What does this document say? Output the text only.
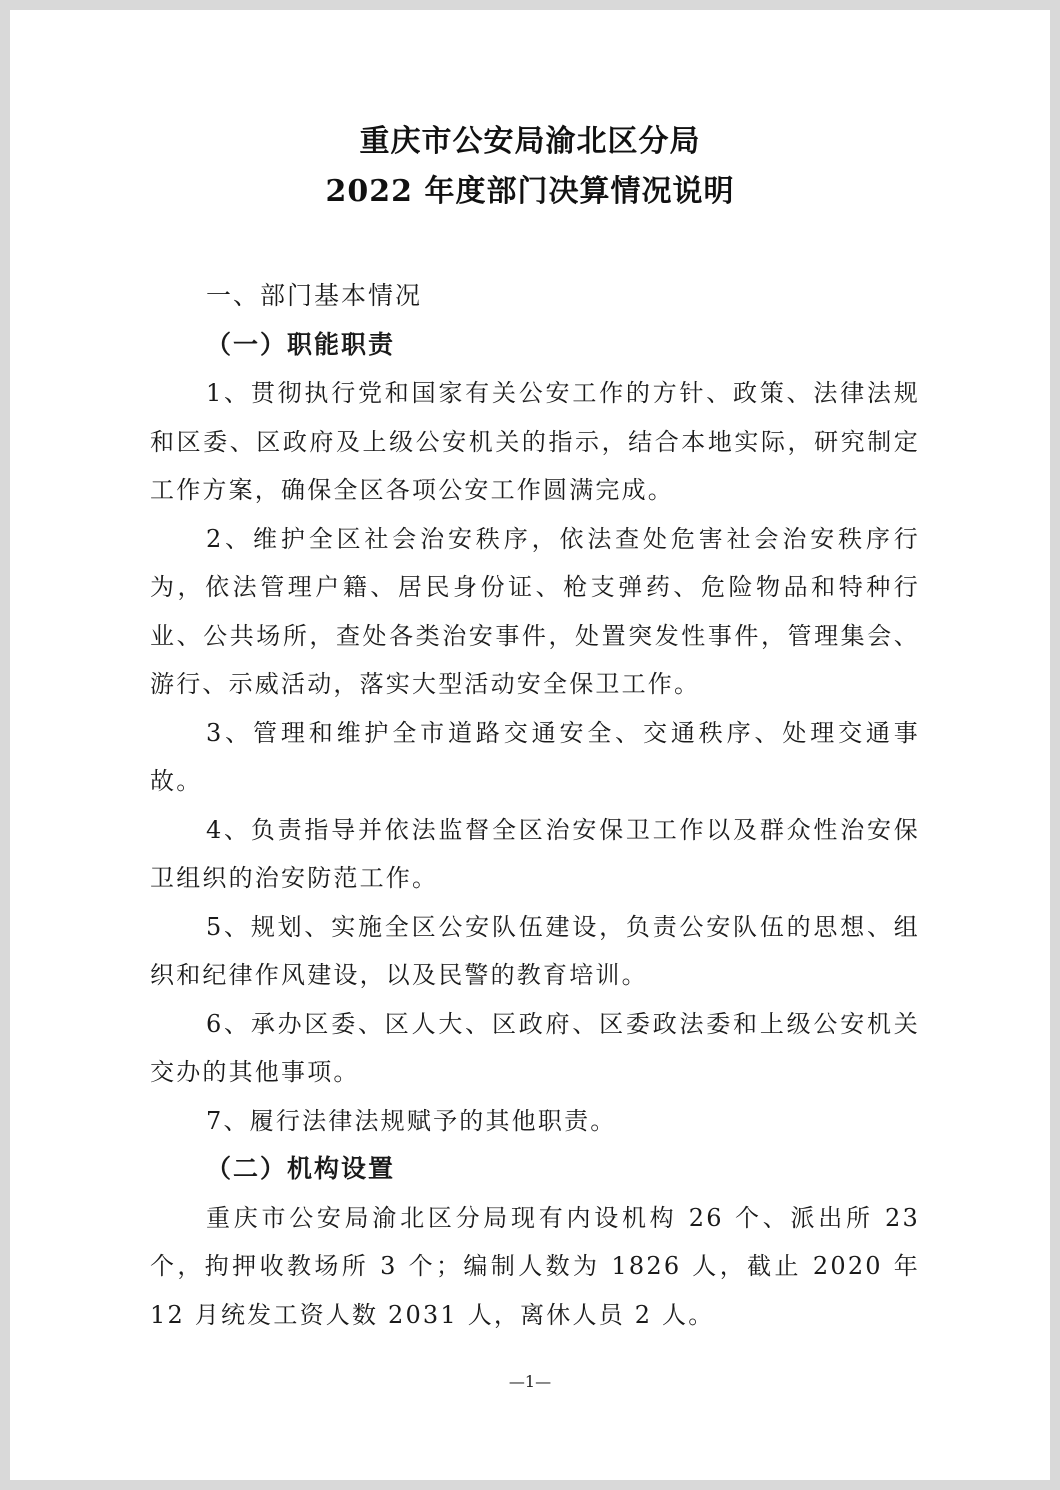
重庆市公安局渝北区分局
2022 年度部门决算情况说明

一、部门基本情况

（一）职能职责

1、贯彻执行党和国家有关公安工作的方针、政策、法律法规和区委、区政府及上级公安机关的指示，结合本地实际，研究制定工作方案，确保全区各项公安工作圆满完成。

2、维护全区社会治安秩序，依法查处危害社会治安秩序行为，依法管理户籍、居民身份证、枪支弹药、危险物品和特种行业、公共场所，查处各类治安事件，处置突发性事件，管理集会、游行、示威活动，落实大型活动安全保卫工作。

3、管理和维护全市道路交通安全、交通秩序、处理交通事故。

4、负责指导并依法监督全区治安保卫工作以及群众性治安保卫组织的治安防范工作。

5、规划、实施全区公安队伍建设，负责公安队伍的思想、组织和纪律作风建设，以及民警的教育培训。

6、承办区委、区人大、区政府、区委政法委和上级公安机关交办的其他事项。

7、履行法律法规赋予的其他职责。

（二）机构设置

重庆市公安局渝北区分局现有内设机构 26 个、派出所 23 个，拘押收教场所 3 个；编制人数为 1826 人，截止 2020 年 12 月统发工资人数 2031 人，离休人员 2 人。

—1—
